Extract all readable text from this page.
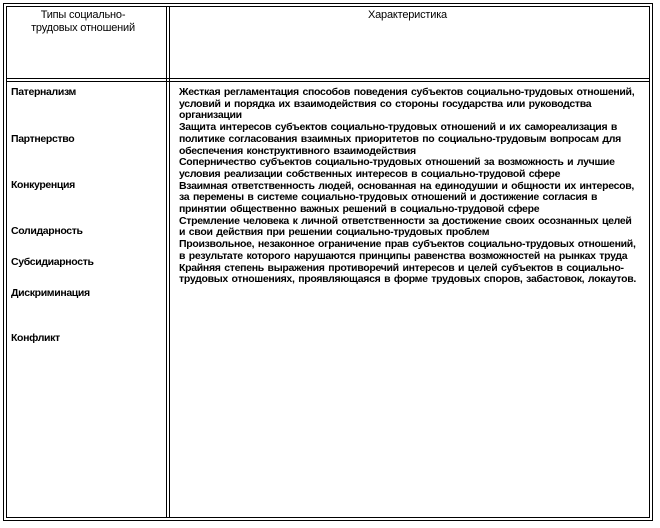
Типы социально-
трудовых отношений
Характеристика
Патернализм
Партнерство
Конкуренция
Солидарность
Субсидиарность
Дискриминация
Конфликт

Жесткая регламентация способов поведения субъектов социально-трудовых отношений, условий и порядка их взаимодействия со стороны государства или руководства организации

Защита интересов субъектов социально-трудовых отношений и их самореализация в политике согласования взаимных приоритетов по социально-трудовым вопросам для обеспечения конструктивного взаимодействия

Соперничество субъектов социально-трудовых отношений за возможность и лучшие условия реализации собственных интересов в социально-трудовой сфере

Взаимная ответственность людей, основанная на единодушии и общности их интересов, за перемены в системе социально-трудовых отношений и достижение согласия в принятии общественно важных решений в социально-трудовой сфере

Стремление человека к личной ответственности за достижение своих осознанных целей и свои действия при решении социально-трудовых проблем

Произвольное, незаконное ограничение прав субъектов социально-трудовых отношений, в результате которого нарушаются принципы равенства возможностей на рынках труда

Крайняя степень выражения противоречий интересов и целей субъектов в социально-трудовых отношениях, проявляющаяся в форме трудовых споров, забастовок, локаутов.
